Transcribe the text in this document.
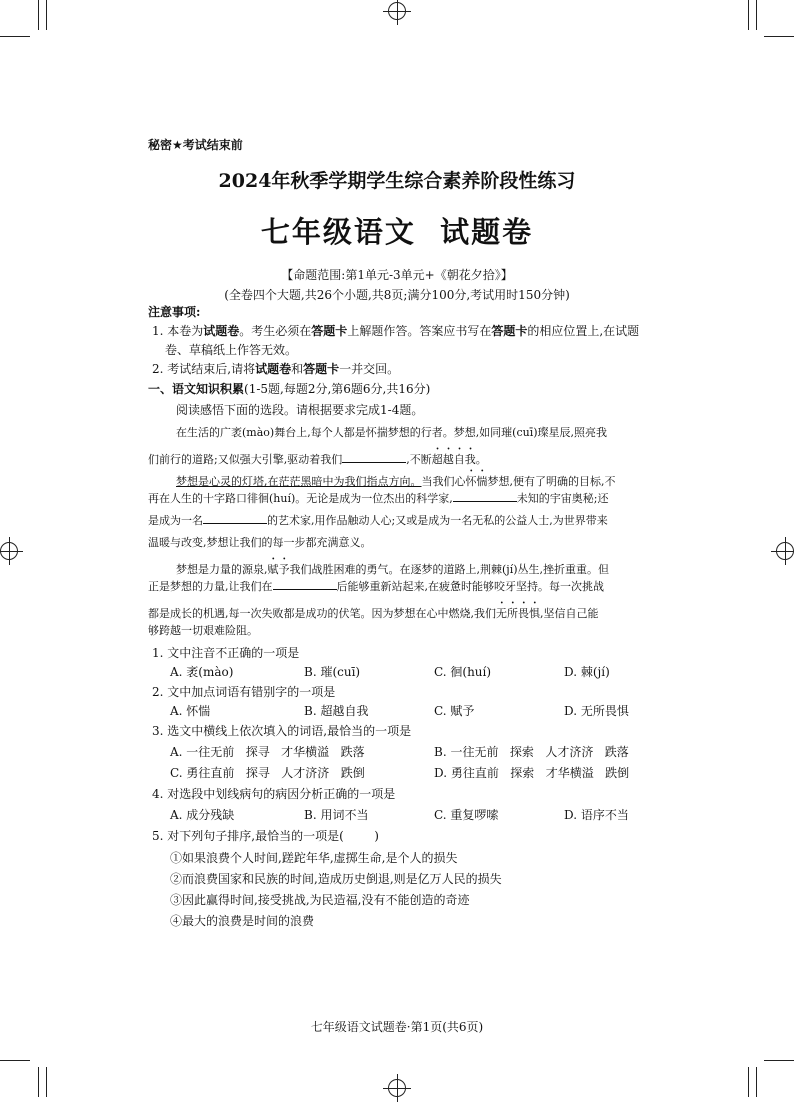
秘密★考试结束前
2024年秋季学期学生综合素养阶段性练习
七年级语文  试题卷
【命题范围:第1单元-3单元+《朝花夕拾》】
(全卷四个大题,共26个小题,共8页;满分100分,考试用时150分钟)
注意事项:
1. 本卷为试题卷。考生必须在答题卡上解题作答。答案应书写在答题卡的相应位置上,在试题
卷、草稿纸上作答无效。
2. 考试结束后,请将试题卷和答题卡一并交回。
一、语文知识积累(1-5题,每题2分,第6题6分,共16分)
阅读感悟下面的选段。请根据要求完成1-4题。
在生活的广袤(mào)舞台上,每个人都是怀揣梦想的行者。梦想,如同璀(cuī)璨星辰,照亮我
们前行的道路;又似强大引擎,驱动着我们	,不断超越自我。
梦想是心灵的灯塔,在茫茫黑暗中为我们指点方向。当我们心怀惴梦想,便有了明确的目标,不
再在人生的十字路口徘徊(huí)。无论是成为一位杰出的科学家,	未知的宇宙奥秘;还
是成为一名	的艺术家,用作品触动人心;又或是成为一名无私的公益人士,为世界带来
温暖与改变,梦想让我们的每一步都充满意义。
梦想是力量的源泉,赋予我们战胜困难的勇气。在逐梦的道路上,荆棘(jí)丛生,挫折重重。但
正是梦想的力量,让我们在	后能够重新站起来,在疲惫时能够咬牙坚持。每一次挑战
都是成长的机遇,每一次失败都是成功的伏笔。因为梦想在心中燃烧,我们无所畏惧,坚信自己能
够跨越一切艰难险阻。
1. 文中注音不正确的一项是
A. 袤(mào)	B. 璀(cuī)	C. 徊(huí)	D. 棘(jí)
2. 文中加点词语有错别字的一项是
A. 怀惴	B. 超越自我	C. 赋予	D. 无所畏惧
3. 选文中横线上依次填入的词语,最恰当的一项是
A. 一往无前   探寻   才华横溢   跌落	B. 一往无前   探索   人才济济   跌落
C. 勇往直前   探寻   人才济济   跌倒	D. 勇往直前   探索   才华横溢   跌倒
4. 对选段中划线病句的病因分析正确的一项是
A. 成分残缺	B. 用词不当	C. 重复啰嗦	D. 语序不当
5. 对下列句子排序,最恰当的一项是(        )
①如果浪费个人时间,蹉跎年华,虚掷生命,是个人的损失
②而浪费国家和民族的时间,造成历史倒退,则是亿万人民的损失
③因此赢得时间,接受挑战,为民造福,没有不能创造的奇迹
④最大的浪费是时间的浪费
七年级语文试题卷·第1页(共6页)
